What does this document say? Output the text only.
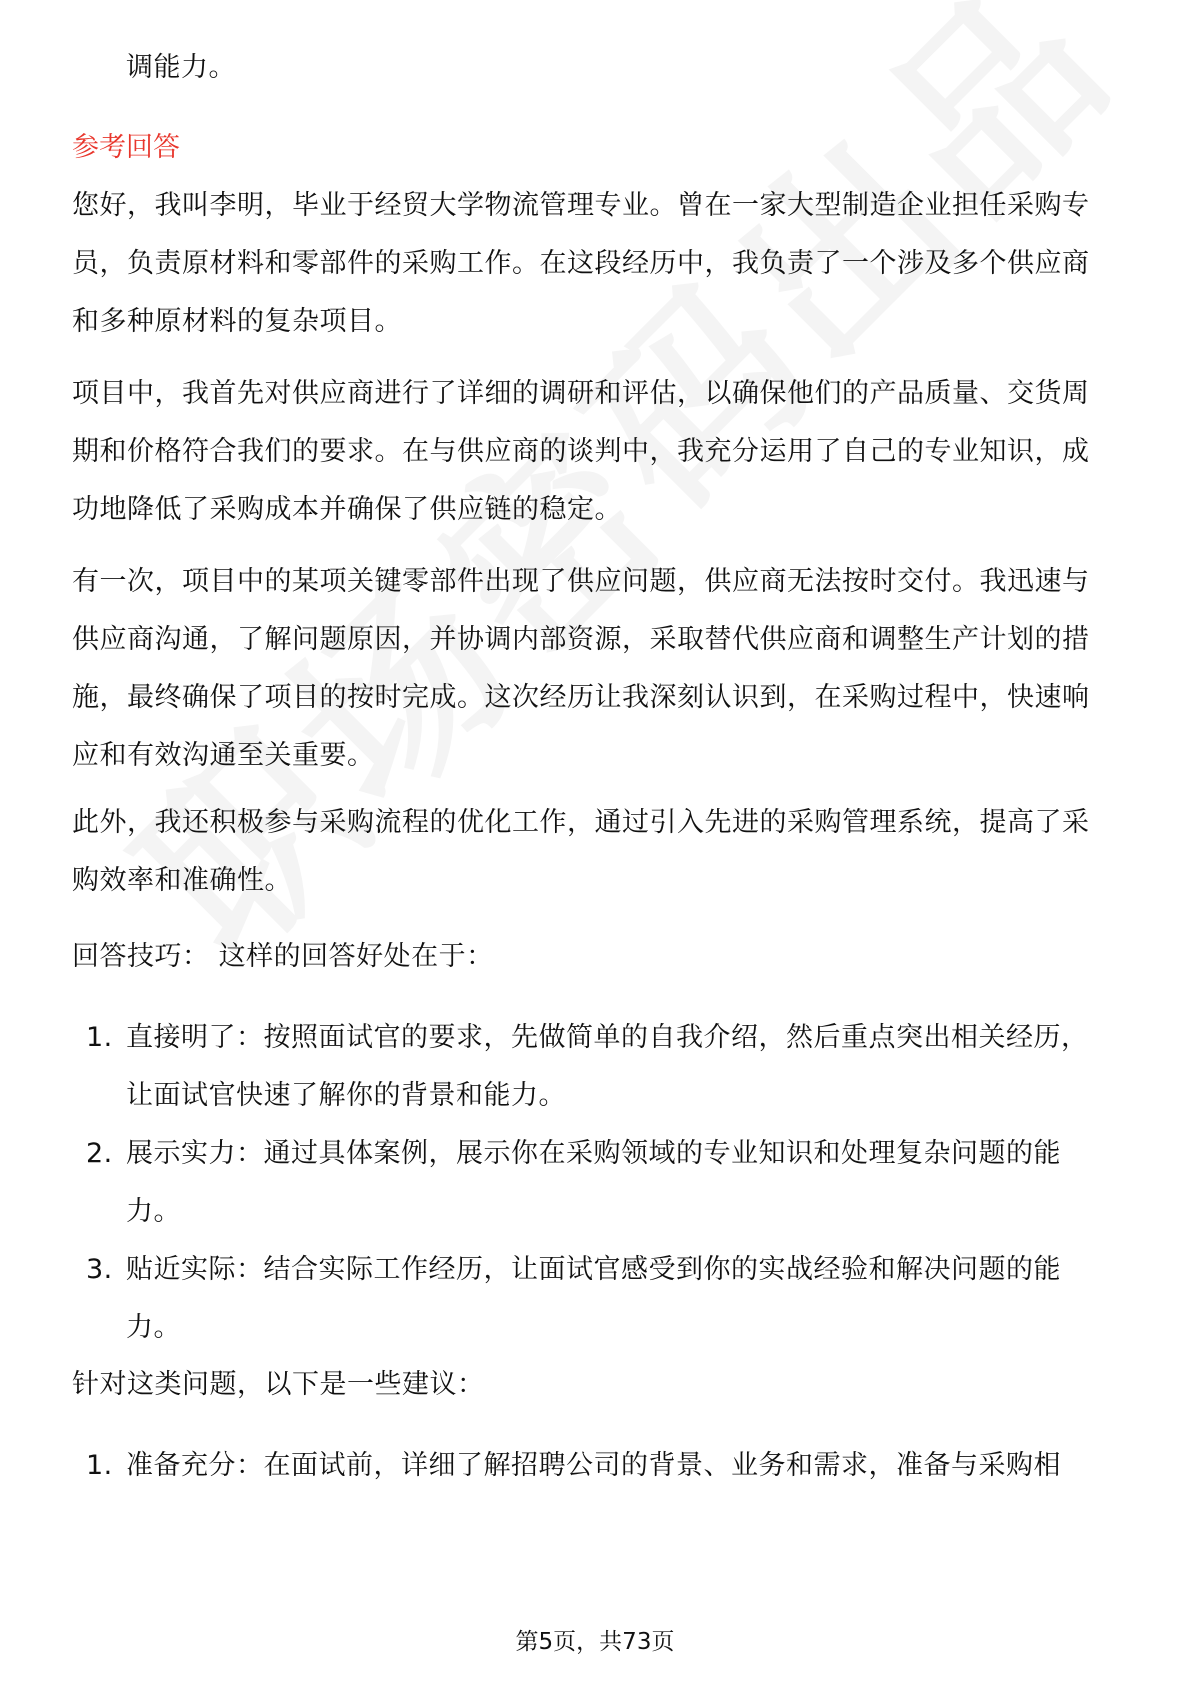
调能力。

参考回答

您好，我叫李明，毕业于经贸大学物流管理专业。曾在一家大型制造企业担任采购专员，负责原材料和零部件的采购工作。在这段经历中，我负责了一个涉及多个供应商和多种原材料的复杂项目。

项目中，我首先对供应商进行了详细的调研和评估，以确保他们的产品质量、交货周期和价格符合我们的要求。在与供应商的谈判中，我充分运用了自己的专业知识，成功地降低了采购成本并确保了供应链的稳定。

有一次，项目中的某项关键零部件出现了供应问题，供应商无法按时交付。我迅速与供应商沟通，了解问题原因，并协调内部资源，采取替代供应商和调整生产计划的措施，最终确保了项目的按时完成。这次经历让我深刻认识到，在采购过程中，快速响应和有效沟通至关重要。

此外，我还积极参与采购流程的优化工作，通过引入先进的采购管理系统，提高了采购效率和准确性。

回答技巧： 这样的回答好处在于：

1. 直接明了：按照面试官的要求，先做简单的自我介绍，然后重点突出相关经历，让面试官快速了解你的背景和能力。
2. 展示实力：通过具体案例，展示你在采购领域的专业知识和处理复杂问题的能力。
3. 贴近实际：结合实际工作经历，让面试官感受到你的实战经验和解决问题的能力。

针对这类问题，以下是一些建议：

1. 准备充分：在面试前，详细了解招聘公司的背景、业务和需求，准备与采购相
第5页，共73页
